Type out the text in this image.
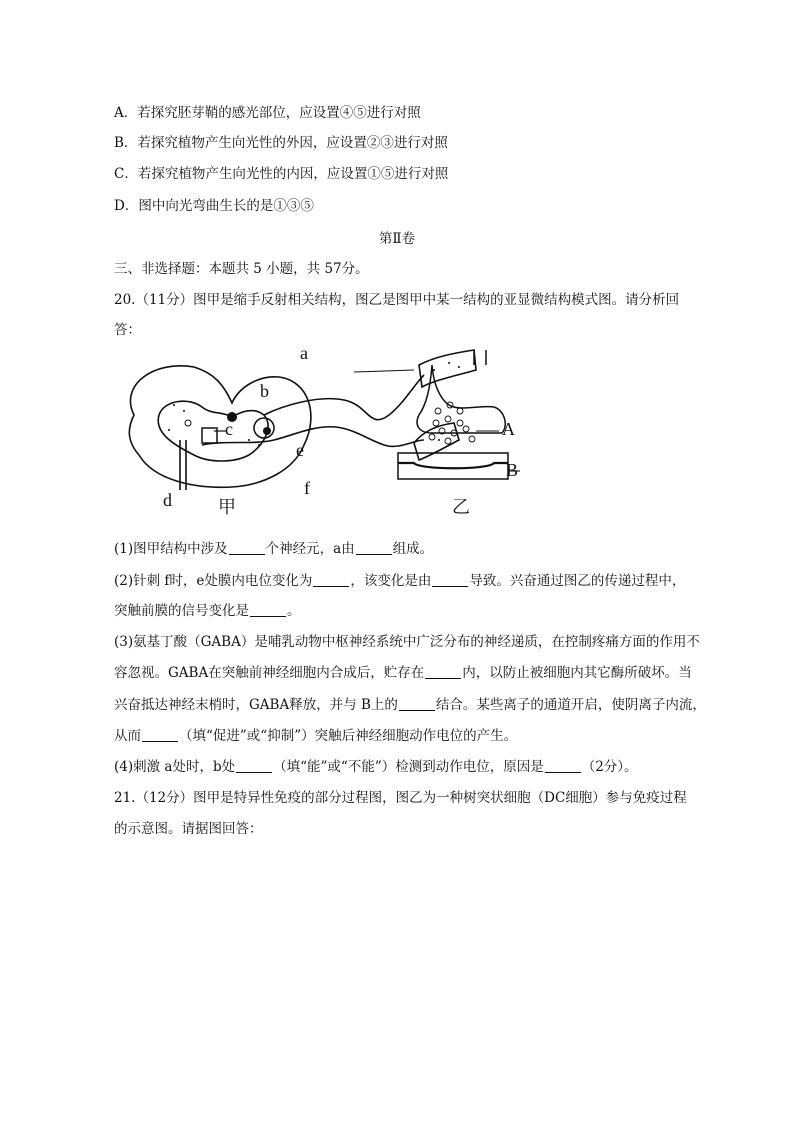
A．若探究胚芽鞘的感光部位，应设置④⑤进行对照
B．若探究植物产生向光性的外因，应设置②③进行对照
C．若探究植物产生向光性的内因，应设置①⑤进行对照
D．图中向光弯曲生长的是①③⑤
第Ⅱ卷
三、非选择题：本题共 5 小题，共 57分。
20.（11分）图甲是缩手反射相关结构，图乙是图甲中某一结构的亚显微结构模式图。请分析回
答：
a
b
c
d
e
f
A
B
甲	乙
(1)图甲结构中涉及	个神经元，a由	组成。
(2)针刺 f时，e处膜内电位变化为	，该变化是由	导致。兴奋通过图乙的传递过程中，
突触前膜的信号变化是	。
(3)氨基丁酸（GABA）是哺乳动物中枢神经系统中广泛分布的神经递质，在控制疼痛方面的作用不
容忽视。GABA在突触前神经细胞内合成后，贮存在	内，以防止被细胞内其它酶所破坏。当
兴奋抵达神经末梢时，GABA释放，并与 B上的	结合。某些离子的通道开启，使阴离子内流，
从而	（填“促进”或“抑制”）突触后神经细胞动作电位的产生。
(4)刺激 a处时，b处	（填“能”或“不能”）检测到动作电位，原因是	（2分）。
21.（12分）图甲是特异性免疫的部分过程图，图乙为一种树突状细胞（DC细胞）参与免疫过程
的示意图。请据图回答：
